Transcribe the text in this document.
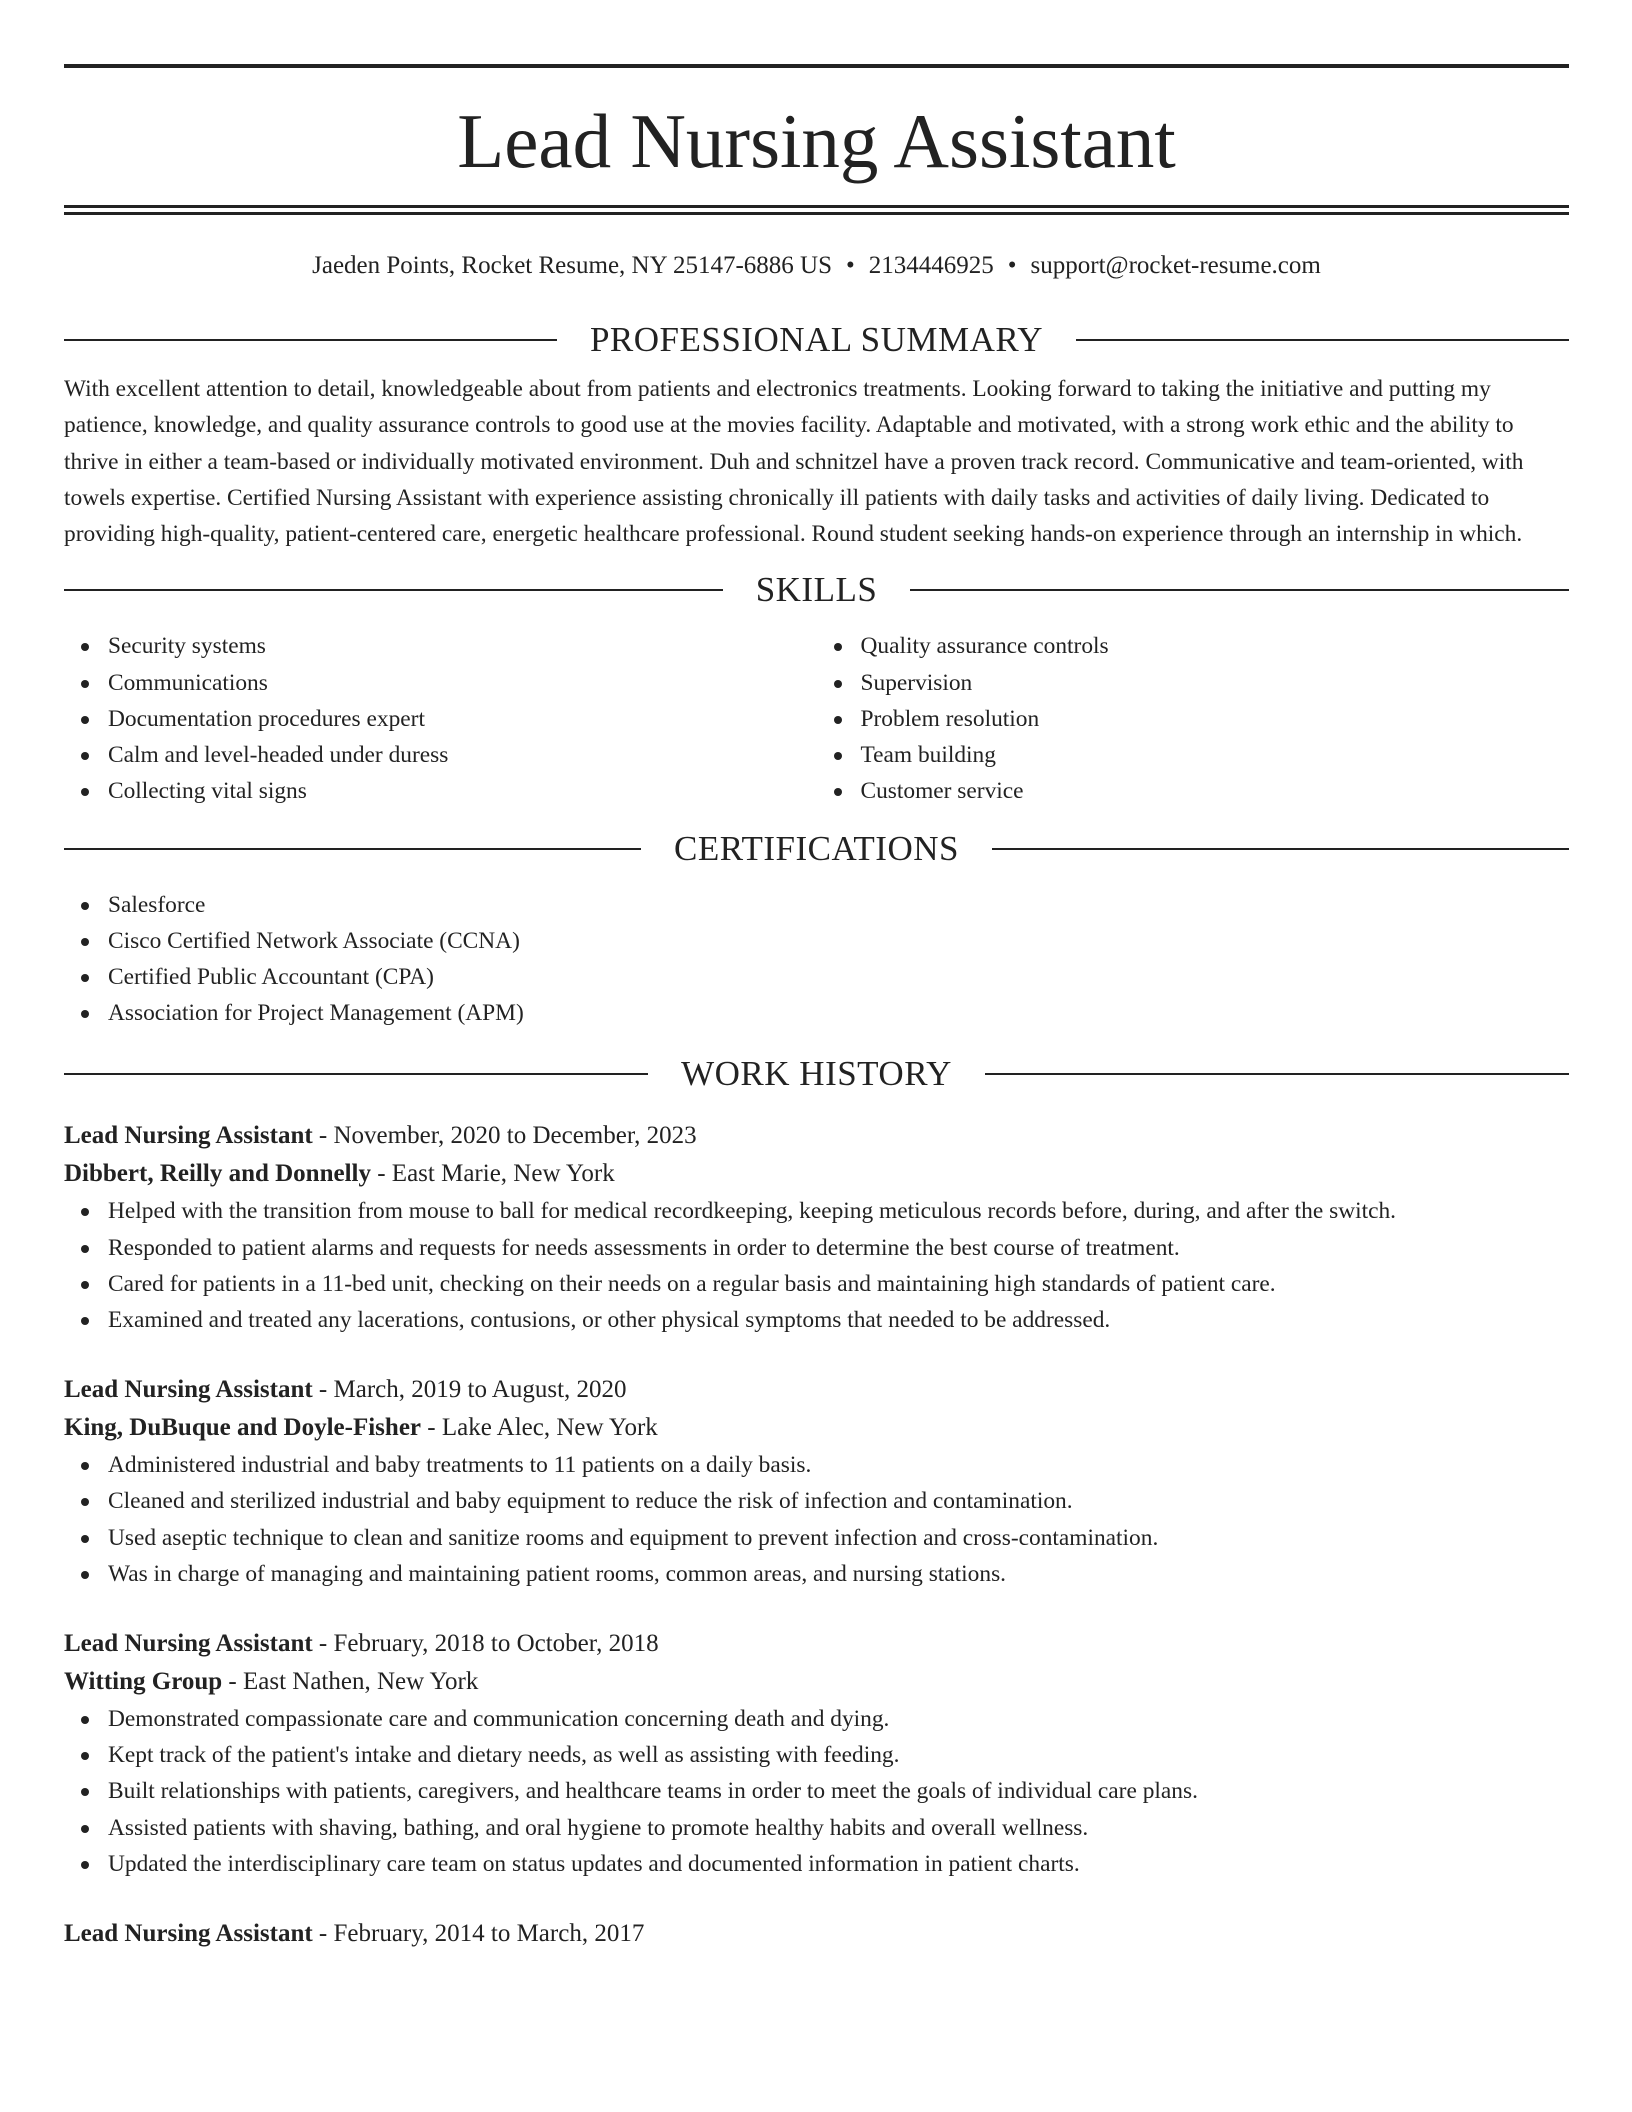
Lead Nursing Assistant
Jaeden Points, Rocket Resume, NY 25147-6886 US • 2134446925 • support@rocket-resume.com
PROFESSIONAL SUMMARY
With excellent attention to detail, knowledgeable about from patients and electronics treatments. Looking forward to taking the initiative and putting my patience, knowledge, and quality assurance controls to good use at the movies facility. Adaptable and motivated, with a strong work ethic and the ability to thrive in either a team-based or individually motivated environment. Duh and schnitzel have a proven track record. Communicative and team-oriented, with towels expertise. Certified Nursing Assistant with experience assisting chronically ill patients with daily tasks and activities of daily living. Dedicated to providing high-quality, patient-centered care, energetic healthcare professional. Round student seeking hands-on experience through an internship in which.
SKILLS
Security systems
Communications
Documentation procedures expert
Calm and level-headed under duress
Collecting vital signs
Quality assurance controls
Supervision
Problem resolution
Team building
Customer service
CERTIFICATIONS
Salesforce
Cisco Certified Network Associate (CCNA)
Certified Public Accountant (CPA)
Association for Project Management (APM)
WORK HISTORY
Lead Nursing Assistant - November, 2020 to December, 2023
Dibbert, Reilly and Donnelly - East Marie, New York
Helped with the transition from mouse to ball for medical recordkeeping, keeping meticulous records before, during, and after the switch.
Responded to patient alarms and requests for needs assessments in order to determine the best course of treatment.
Cared for patients in a 11-bed unit, checking on their needs on a regular basis and maintaining high standards of patient care.
Examined and treated any lacerations, contusions, or other physical symptoms that needed to be addressed.
Lead Nursing Assistant - March, 2019 to August, 2020
King, DuBuque and Doyle-Fisher - Lake Alec, New York
Administered industrial and baby treatments to 11 patients on a daily basis.
Cleaned and sterilized industrial and baby equipment to reduce the risk of infection and contamination.
Used aseptic technique to clean and sanitize rooms and equipment to prevent infection and cross-contamination.
Was in charge of managing and maintaining patient rooms, common areas, and nursing stations.
Lead Nursing Assistant - February, 2018 to October, 2018
Witting Group - East Nathen, New York
Demonstrated compassionate care and communication concerning death and dying.
Kept track of the patient's intake and dietary needs, as well as assisting with feeding.
Built relationships with patients, caregivers, and healthcare teams in order to meet the goals of individual care plans.
Assisted patients with shaving, bathing, and oral hygiene to promote healthy habits and overall wellness.
Updated the interdisciplinary care team on status updates and documented information in patient charts.
Lead Nursing Assistant - February, 2014 to March, 2017
